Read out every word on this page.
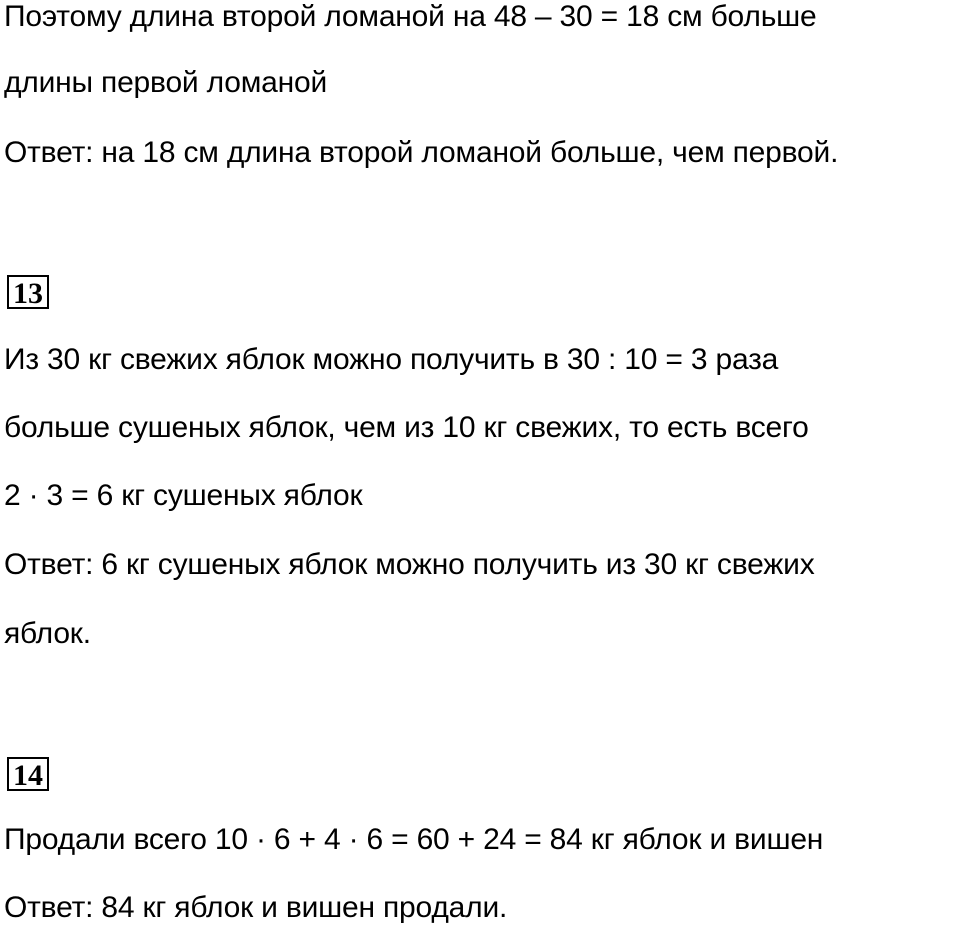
Поэтому длина второй ломаной на 48 – 30 = 18 см больше
длины первой ломаной
Ответ: на 18 см длина второй ломаной больше, чем первой.
13
Из 30 кг свежих яблок можно получить в 30 : 10 = 3 раза
больше сушеных яблок, чем из 10 кг свежих, то есть всего
2 · 3 = 6 кг сушеных яблок
Ответ: 6 кг сушеных яблок можно получить из 30 кг свежих
яблок.
14
Продали всего 10 · 6 + 4 · 6 = 60 + 24 = 84 кг яблок и вишен
Ответ: 84 кг яблок и вишен продали.
